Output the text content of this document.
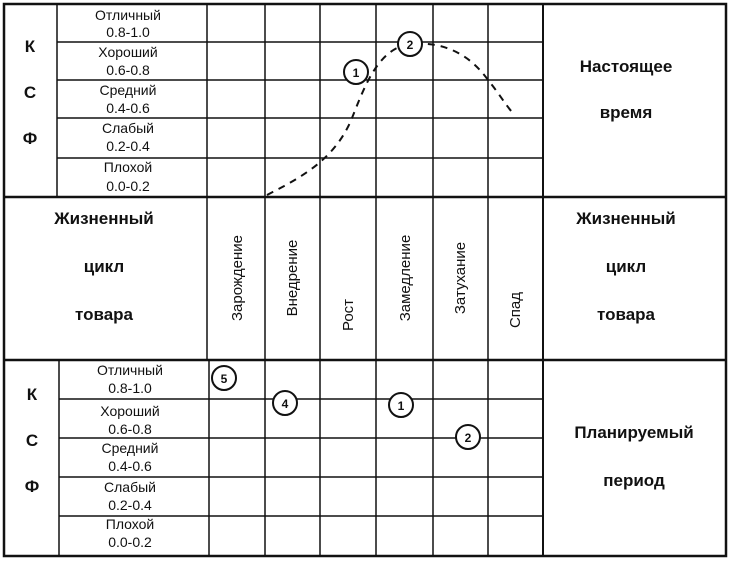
К
С
Ф
Отличный
0.8-1.0
Хороший
0.6-0.8
Средний
0.4-0.6
Слабый
0.2-0.4
Плохой
0.0-0.2
Настоящее
время
1
2
Жизненный
цикл
товара
Жизненный
цикл
товара
Зарождение	Внедрение	Рост	Замедление	Затухание	Спад
К
С
Ф
Отличный
0.8-1.0
Хороший
0.6-0.8
Средний
0.4-0.6
Слабый
0.2-0.4
Плохой
0.0-0.2
Планируемый
период
5
4	1
2
